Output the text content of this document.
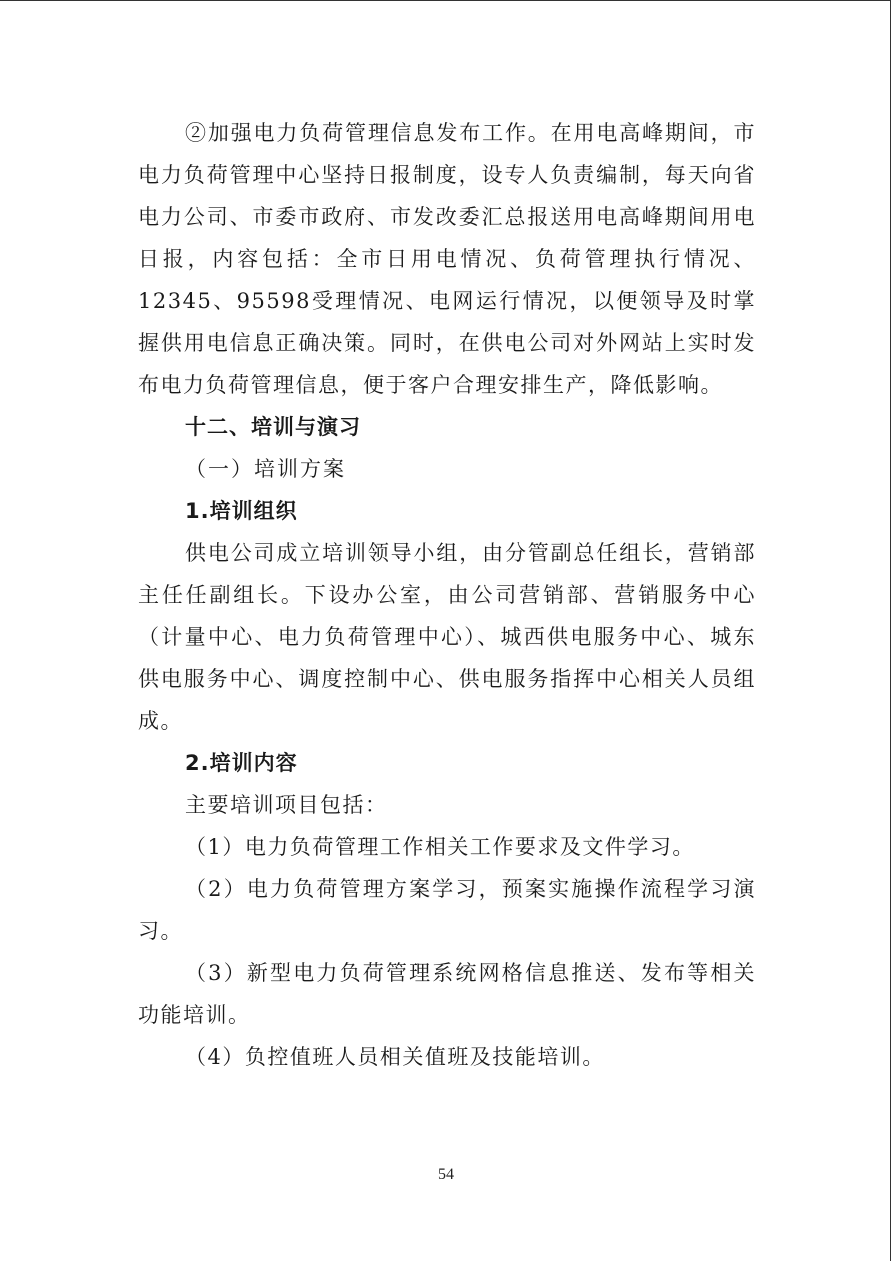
②加强电力负荷管理信息发布工作。在用电高峰期间，市电力负荷管理中心坚持日报制度，设专人负责编制，每天向省电力公司、市委市政府、市发改委汇总报送用电高峰期间用电日报，内容包括：全市日用电情况、负荷管理执行情况、12345、95598受理情况、电网运行情况，以便领导及时掌握供用电信息正确决策。同时，在供电公司对外网站上实时发布电力负荷管理信息，便于客户合理安排生产，降低影响。

十二、培训与演习

（一）培训方案

1.培训组织

供电公司成立培训领导小组，由分管副总任组长，营销部主任任副组长。下设办公室，由公司营销部、营销服务中心（计量中心、电力负荷管理中心）、城西供电服务中心、城东供电服务中心、调度控制中心、供电服务指挥中心相关人员组成。

2.培训内容

主要培训项目包括：

（1）电力负荷管理工作相关工作要求及文件学习。

（2）电力负荷管理方案学习，预案实施操作流程学习演习。

（3）新型电力负荷管理系统网格信息推送、发布等相关功能培训。

（4）负控值班人员相关值班及技能培训。

54
